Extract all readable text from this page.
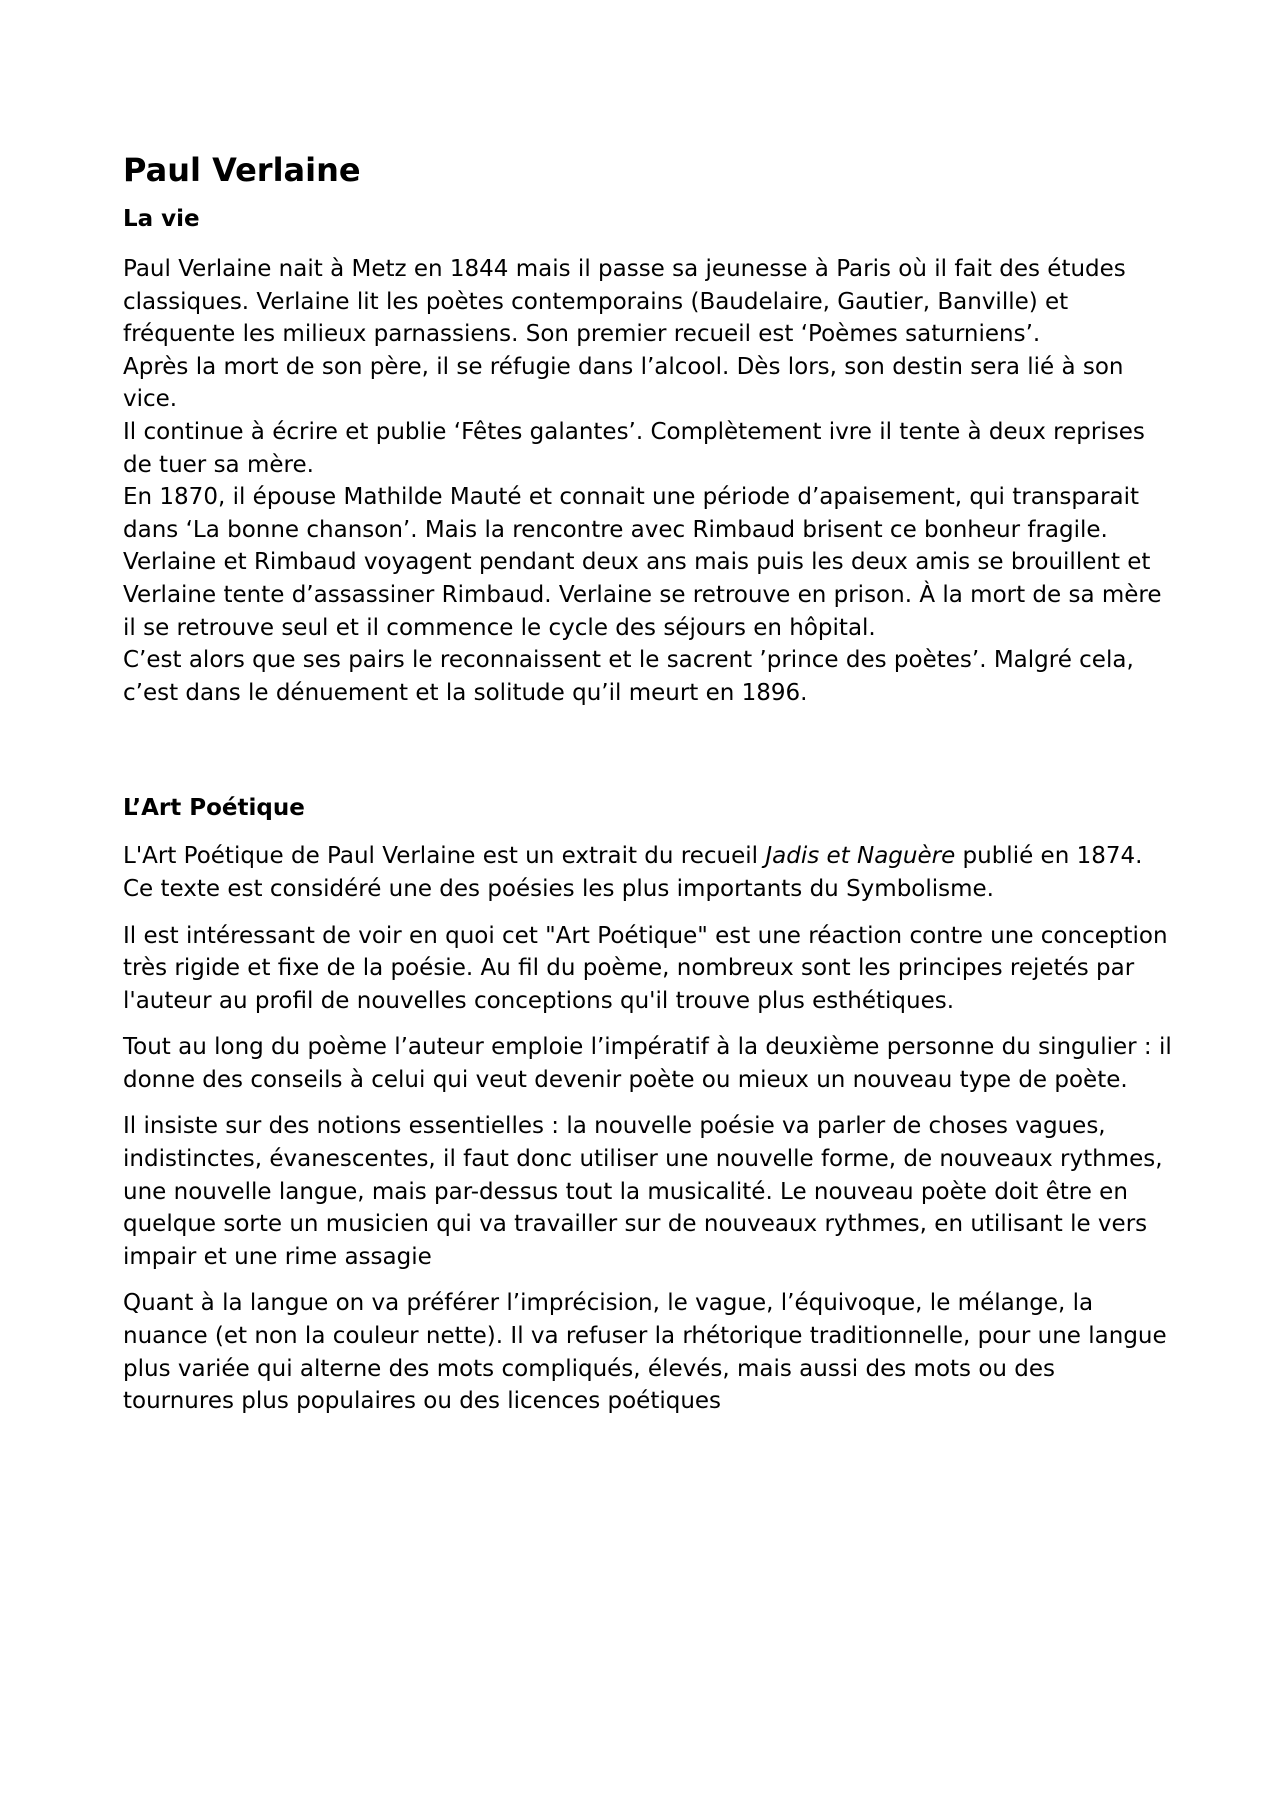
Paul Verlaine
La vie

Paul Verlaine nait à Metz en 1844 mais il passe sa jeunesse à Paris où il fait des études classiques. Verlaine lit les poètes contemporains (Baudelaire, Gautier, Banville) et fréquente les milieux parnassiens. Son premier recueil est ‘Poèmes saturniens’.

Après la mort de son père, il se réfugie dans l’alcool. Dès lors, son destin sera lié à son vice.

Il continue à écrire et publie ‘Fêtes galantes’. Complètement ivre il tente à deux reprises de tuer sa mère.

En 1870, il épouse Mathilde Mauté et connait une période d’apaisement, qui transparait dans ‘La bonne chanson’. Mais la rencontre avec Rimbaud brisent ce bonheur fragile.

Verlaine et Rimbaud voyagent pendant deux ans mais puis les deux amis se brouillent et Verlaine tente d’assassiner Rimbaud. Verlaine se retrouve en prison. À la mort de sa mère il se retrouve seul et il commence le cycle des séjours en hôpital.

C’est alors que ses pairs le reconnaissent et le sacrent ’prince des poètes’. Malgré cela, c’est dans le dénuement et la solitude qu’il meurt en 1896.

L’Art Poétique

L'Art Poétique de Paul Verlaine est un extrait du recueil Jadis et Naguère publié en 1874. Ce texte est considéré une des poésies les plus importants du Symbolisme.

Il est intéressant de voir en quoi cet "Art Poétique" est une réaction contre une conception très rigide et fixe de la poésie. Au fil du poème, nombreux sont les principes rejetés par l'auteur au profil de nouvelles conceptions qu'il trouve plus esthétiques.

Tout au long du poème l’auteur emploie l’impératif à la deuxième personne du singulier : il donne des conseils à celui qui veut devenir poète ou mieux un nouveau type de poète.

Il insiste sur des notions essentielles : la nouvelle poésie va parler de choses vagues, indistinctes, évanescentes, il faut donc utiliser une nouvelle forme, de nouveaux rythmes, une nouvelle langue, mais par-dessus tout la musicalité. Le nouveau poète doit être en quelque sorte un musicien qui va travailler sur de nouveaux rythmes, en utilisant le vers impair et une rime assagie

Quant à la langue on va préférer l’imprécision, le vague, l’équivoque, le mélange, la nuance (et non la couleur nette). Il va refuser la rhétorique traditionnelle, pour une langue plus variée qui alterne des mots compliqués, élevés, mais aussi des mots ou des tournures plus populaires ou des licences poétiques
